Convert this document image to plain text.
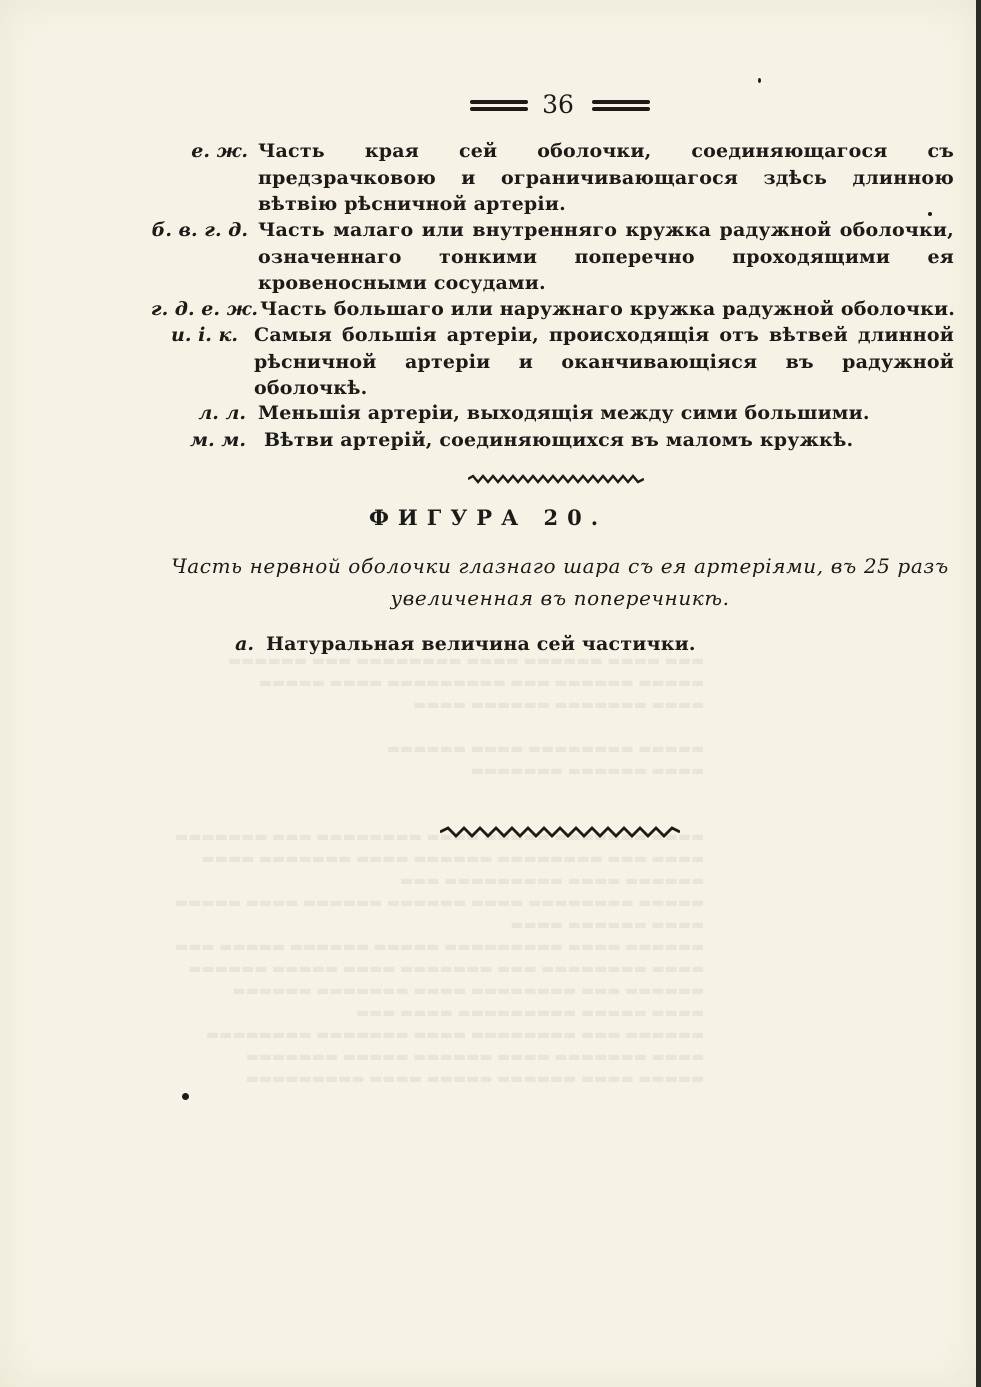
▬▬▬ ▬▬▬▬ ▬▬▬▬▬▬ ▬▬▬▬ ▬▬▬▬▬▬▬▬ ▬▬▬ ▬▬▬▬▬▬
▬▬▬▬▬ ▬▬▬▬▬▬ ▬▬▬ ▬▬▬▬▬▬▬▬▬ ▬▬▬▬ ▬▬▬▬▬
▬▬▬▬ ▬▬▬▬▬▬▬ ▬▬▬▬▬▬ ▬▬▬▬

▬▬▬▬▬ ▬▬▬▬▬▬▬▬ ▬▬▬▬ ▬▬▬▬▬▬
▬▬▬▬ ▬▬▬▬▬▬ ▬▬▬▬▬▬▬

▬▬▬▬ ▬▬▬▬▬▬▬ ▬▬▬▬▬ ▬▬▬▬ ▬▬▬▬▬▬▬▬ ▬▬▬ ▬▬▬▬▬▬▬
▬▬▬▬ ▬▬▬ ▬▬▬▬▬▬▬▬ ▬▬▬▬▬▬ ▬▬▬▬ ▬▬▬▬▬▬▬ ▬▬▬▬
▬▬▬▬▬▬ ▬▬▬▬ ▬▬▬▬▬▬▬▬▬ ▬▬▬
▬▬▬▬▬ ▬▬▬▬▬▬▬▬ ▬▬▬▬ ▬▬▬▬▬▬ ▬▬▬▬▬▬ ▬▬▬▬ ▬▬▬▬▬
▬▬▬▬ ▬▬▬▬▬▬ ▬▬▬▬
▬▬▬▬▬▬ ▬▬▬▬ ▬▬▬▬▬▬▬▬▬ ▬▬▬▬▬ ▬▬▬▬▬▬ ▬▬▬▬▬ ▬▬▬
▬▬▬▬ ▬▬▬▬▬▬▬▬ ▬▬▬ ▬▬▬▬▬▬▬ ▬▬▬▬ ▬▬▬▬▬ ▬▬▬▬▬▬
▬▬▬▬▬▬ ▬▬▬ ▬▬▬▬▬▬▬▬ ▬▬▬▬ ▬▬▬▬▬▬▬ ▬▬▬▬▬▬
▬▬▬▬ ▬▬▬▬▬ ▬▬▬▬▬▬▬▬▬ ▬▬▬▬ ▬▬▬
▬▬▬▬▬▬ ▬▬▬ ▬▬▬▬▬▬▬▬ ▬▬▬▬ ▬▬▬▬▬▬▬ ▬▬▬▬▬▬▬▬
▬▬▬▬ ▬▬▬▬▬▬▬ ▬▬▬▬ ▬▬▬▬▬▬ ▬▬▬▬▬ ▬▬▬▬▬▬▬
▬▬▬▬▬ ▬▬▬▬ ▬▬▬▬▬▬ ▬▬▬▬▬ ▬▬▬▬ ▬▬▬▬▬▬▬▬▬
36
е. ж. Часть края сей оболочки, соединяющагося съ предзрачковою и ограничивающагося здѣсь длинною вѣтвію рѣсничной артеріи.
б. в. г. д. Часть малаго или внутренняго кружка радужной оболочки, означеннаго тонкими поперечно проходящими ея кровеносными сосудами.
г. д. е. ж. Часть большаго или наружнаго кружка радужной оболочки.
и. і. к. Самыя большія артеріи, происходящія отъ вѣтвей длинной рѣсничной артеріи и оканчивающіяся въ радужной оболочкѣ.
л. л. Меньшія артеріи, выходящія между сими большими.
м. м. Вѣтви артерій, соединяющихся въ маломъ кружкѣ.
ФИГУРА 20.
Часть нервной оболочки глазнаго шара съ ея артеріями, въ 25 разъ увеличенная въ поперечникѣ.
а. Натуральная величина сей частички.
